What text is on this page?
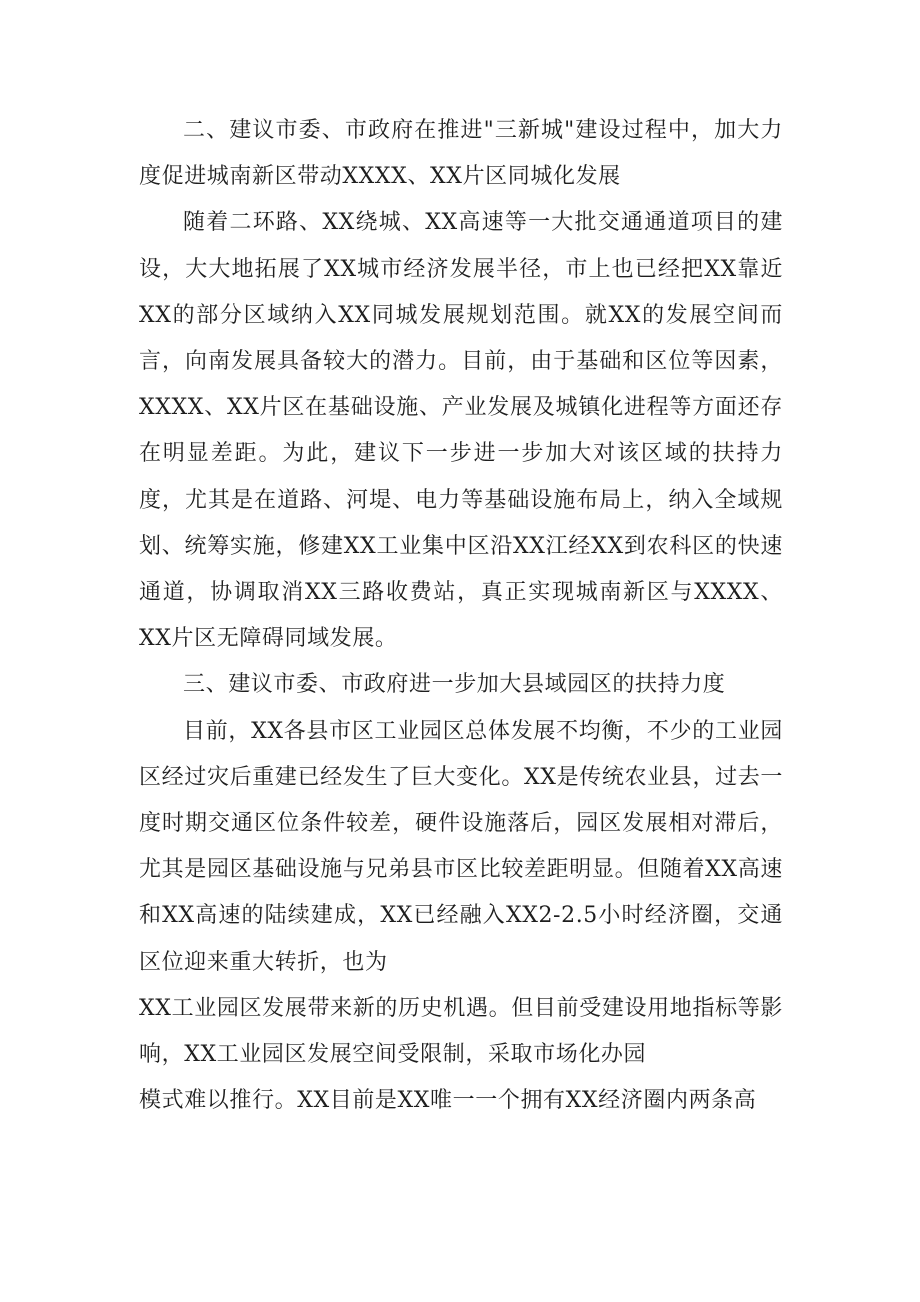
二、建议市委、市政府在推进"三新城"建设过程中，加大力度促进城南新区带动XXXX、XX片区同城化发展

随着二环路、XX绕城、XX高速等一大批交通通道项目的建设，大大地拓展了XX城市经济发展半径，市上也已经把XX靠近XX的部分区域纳入XX同城发展规划范围。就XX的发展空间而言，向南发展具备较大的潜力。目前，由于基础和区位等因素，XXXX、XX片区在基础设施、产业发展及城镇化进程等方面还存在明显差距。为此，建议下一步进一步加大对该区域的扶持力度，尤其是在道路、河堤、电力等基础设施布局上，纳入全域规划、统筹实施，修建XX工业集中区沿XX江经XX到农科区的快速通道，协调取消XX三路收费站，真正实现城南新区与XXXX、XX片区无障碍同域发展。

三、建议市委、市政府进一步加大县域园区的扶持力度

目前，XX各县市区工业园区总体发展不均衡，不少的工业园区经过灾后重建已经发生了巨大变化。XX是传统农业县，过去一度时期交通区位条件较差，硬件设施落后，园区发展相对滞后，尤其是园区基础设施与兄弟县市区比较差距明显。但随着XX高速和XX高速的陆续建成，XX已经融入XX2-2.5小时经济圈，交通区位迎来重大转折，也为

XX工业园区发展带来新的历史机遇。但目前受建设用地指标等影响，XX工业园区发展空间受限制，采取市场化办园

模式难以推行。XX目前是XX唯一一个拥有XX经济圈内两条高
